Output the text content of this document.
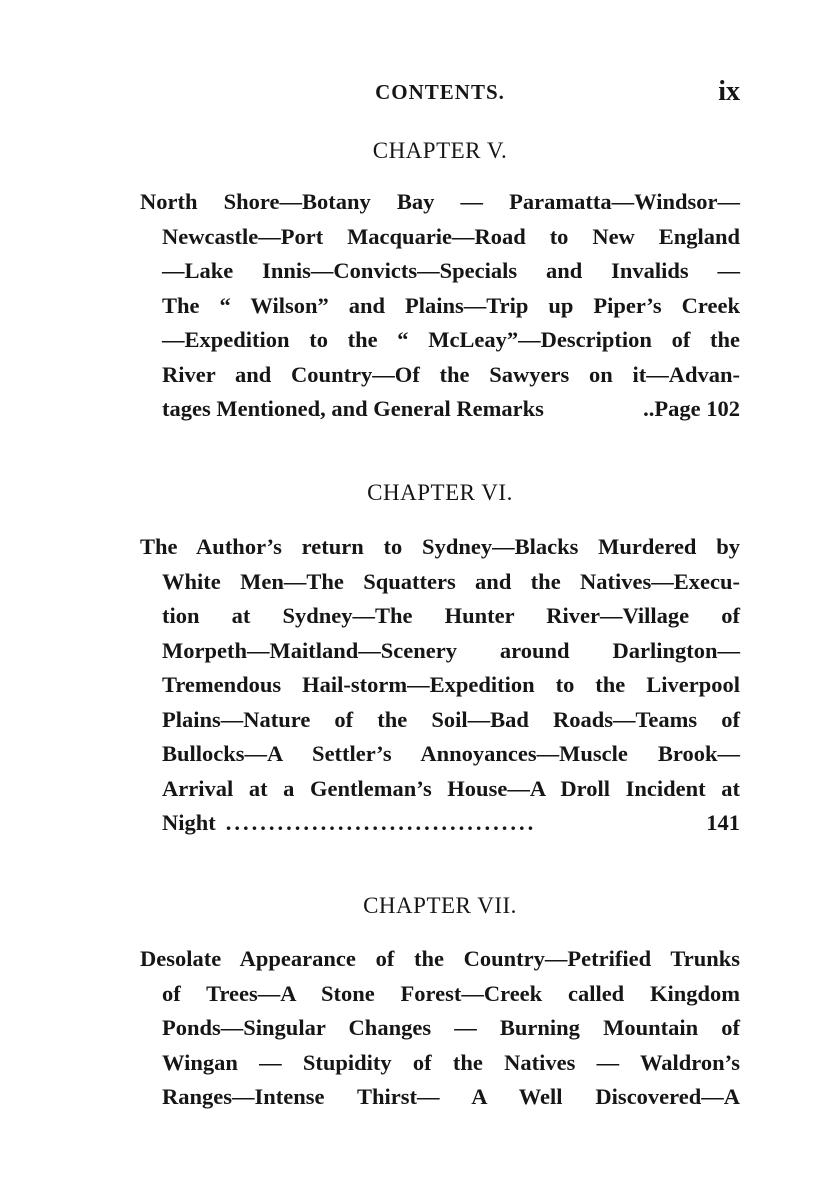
CONTENTS.	ix
CHAPTER V.
North Shore—Botany Bay — Paramatta—Windsor—
Newcastle—Port Macquarie—Road to New England
—Lake Innis—Convicts—Specials and Invalids —
The “ Wilson” and Plains—Trip up Piper’s Creek
—Expedition to the “ McLeay”—Description of the
River and Country—Of the Sawyers on it—Advan-
tages Mentioned, and General Remarks	..Page 102
CHAPTER VI.
The Author’s return to Sydney—Blacks Murdered by
White Men—The Squatters and the Natives—Execu-
tion at Sydney—The Hunter River—Village of
Morpeth—Maitland—Scenery around Darlington—
Tremendous Hail-storm—Expedition to the Liverpool
Plains—Nature of the Soil—Bad Roads—Teams of
Bullocks—A Settler’s Annoyances—Muscle Brook—
Arrival at a Gentleman’s House—A Droll Incident at
Night ....................................	141
CHAPTER VII.
Desolate Appearance of the Country—Petrified Trunks
of Trees—A Stone Forest—Creek called Kingdom
Ponds—Singular Changes — Burning Mountain of
Wingan — Stupidity of the Natives — Waldron’s
Ranges—Intense Thirst— A Well Discovered—A
